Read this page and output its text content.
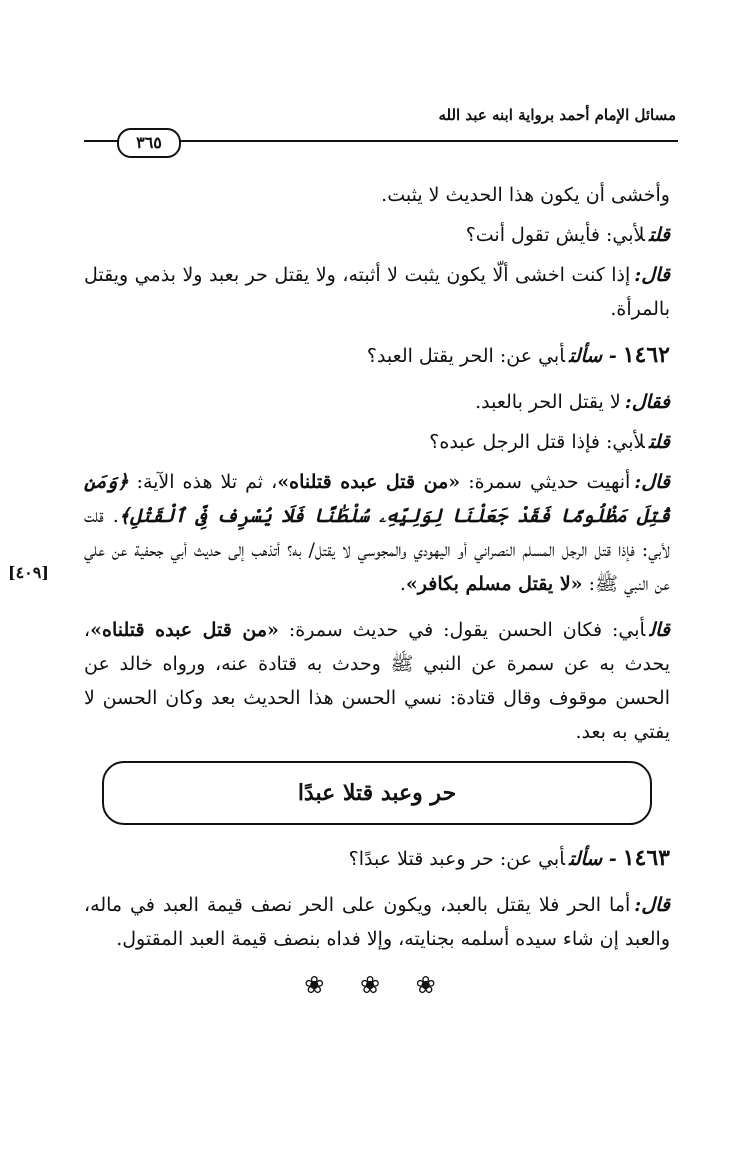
مسائل الإمام أحمد برواية ابنه عبد الله
٣٦٥
[٤٠٩]

وأخشى أن يكون هذا الحديث لا يثبت.

قلتلأبي: فأيش تقول أنت؟

قال:إذا كنت اخشى ألّا يكون يثبت لا أثبته، ولا يقتل حر بعبد ولا بذمي ويقتل بالمرأة.

١٤٦٢- سألتأبي عن: الحر يقتل العبد؟

فقال:لا يقتل الحر بالعبد.

قلتلأبي: فإذا قتل الرجل عبده؟

قال:أنهيت حديثي سمرة: «من قتل عبده قتلناه»، ثم تلا هذه الآية: ﴿وَمَن قُتِلَ مَظْلُومًا فَقَدْ جَعَلْنَا لِوَلِيِّهِۦ سُلْطَٰنًا فَلَا يُسْرِف فِّى ٱلْقَتْلِ﴾. قلت لأبي: فإذا قتل الرجل المسلم النصراني أو اليهودي والمجوسي لا يقتل/ به؟ أتذهب إلى حديث أبي جحفية عن علي عن النبي ﷺ: «لا يقتل مسلم بكافر».

قالأبي: فكان الحسن يقول: في حديث سمرة: «من قتل عبده قتلناه»، يحدث به عن سمرة عن النبي ﷺ وحدث به قتادة عنه، ورواه خالد عن الحسن موقوف وقال قتادة: نسي الحسن هذا الحديث بعد وكان الحسن لا يفتي به بعد.

حر وعبد قتلا عبدًا

١٤٦٣- سألتأبي عن: حر وعبد قتلا عبدًا؟

قال:أما الحر فلا يقتل بالعبد، ويكون على الحر نصف قيمة العبد في ماله، والعبد إن شاء سيده أسلمه بجنايته، وإلا فداه بنصف قيمة العبد المقتول.

❀ ❀ ❀
